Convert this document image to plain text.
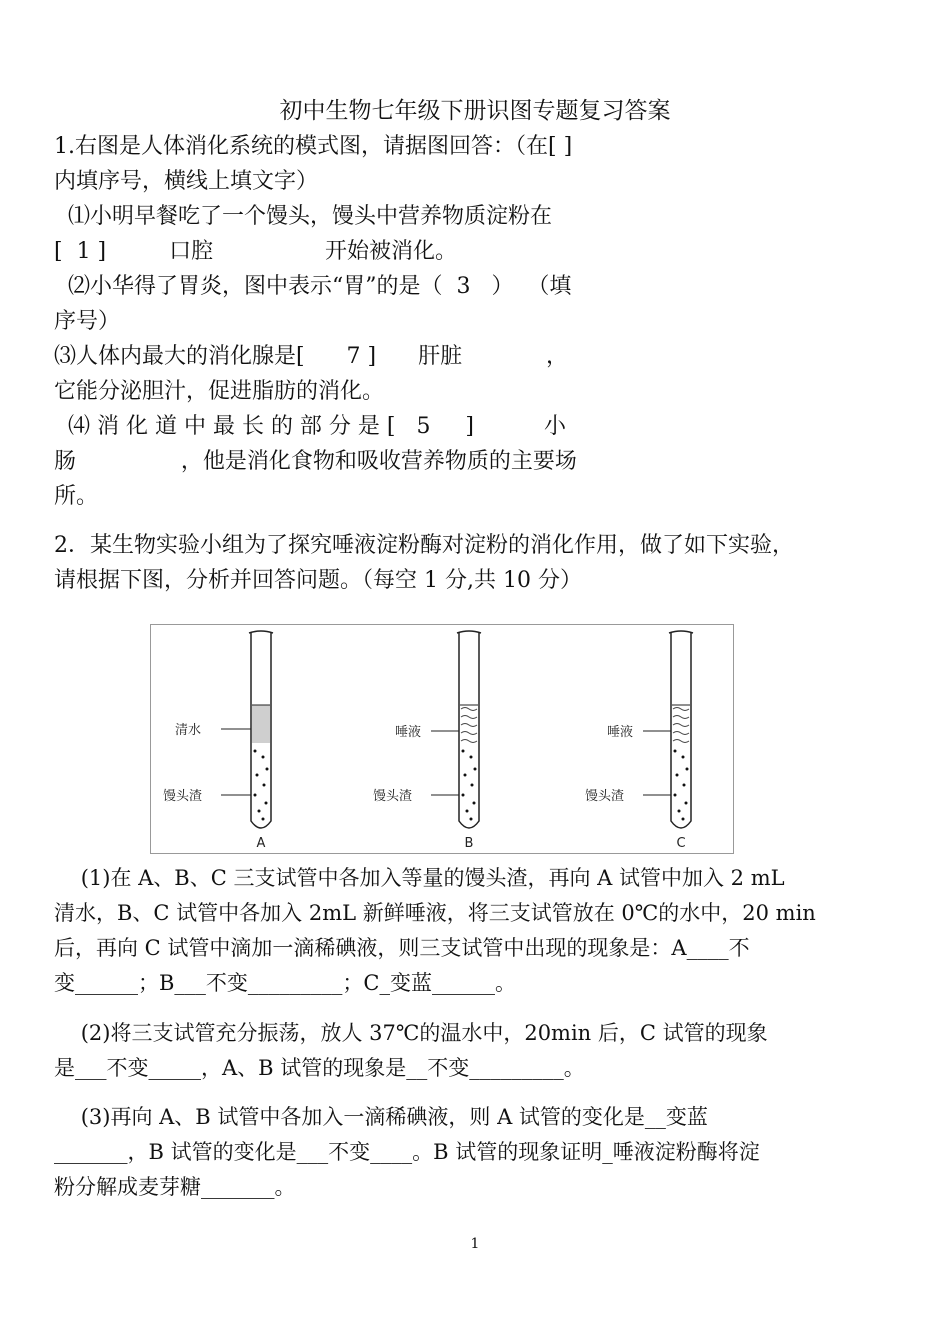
初中生物七年级下册识图专题复习答案
1.右图是人体消化系统的模式图，请据图回答：（在[ ]
内填序号，横线上填文字）
⑴小明早餐吃了一个馒头，馒头中营养物质淀粉在
[  1 ]         口腔                开始被消化。
⑵小华得了胃炎，图中表示“胃”的是（  3   ）  （填
序号）
⑶人体内最大的消化腺是[      7 ]      肝脏            ，
它能分泌胆汁，促进脂肪的消化。
⑷ 消 化 道 中 最 长 的 部 分 是 [   5     ]          小
肠               ，他是消化食物和吸收营养物质的主要场
所。
2．某生物实验小组为了探究唾液淀粉酶对淀粉的消化作用，做了如下实验，
请根据下图，分析并回答问题。（每空 1 分,共 10 分）
清水
馒头渣
A
唾液
馒头渣
B
唾液
馒头渣
C
(1)在 A、B、C 三支试管中各加入等量的馒头渣，再向 A 试管中加入 2 mL
清水，B、C 试管中各加入 2mL 新鲜唾液，将三支试管放在 0℃的水中，20 min
后，再向 C 试管中滴加一滴稀碘液，则三支试管中出现的现象是：A____不
变______；B___不变_________；C_变蓝______。
(2)将三支试管充分振荡，放人 37℃的温水中，20min 后，C 试管的现象
是___不变_____，A、B 试管的现象是__不变_________。
(3)再向 A、B 试管中各加入一滴稀碘液，则 A 试管的变化是__变蓝
_______，B 试管的变化是___不变____。B 试管的现象证明_唾液淀粉酶将淀
粉分解成麦芽糖_______。
1
